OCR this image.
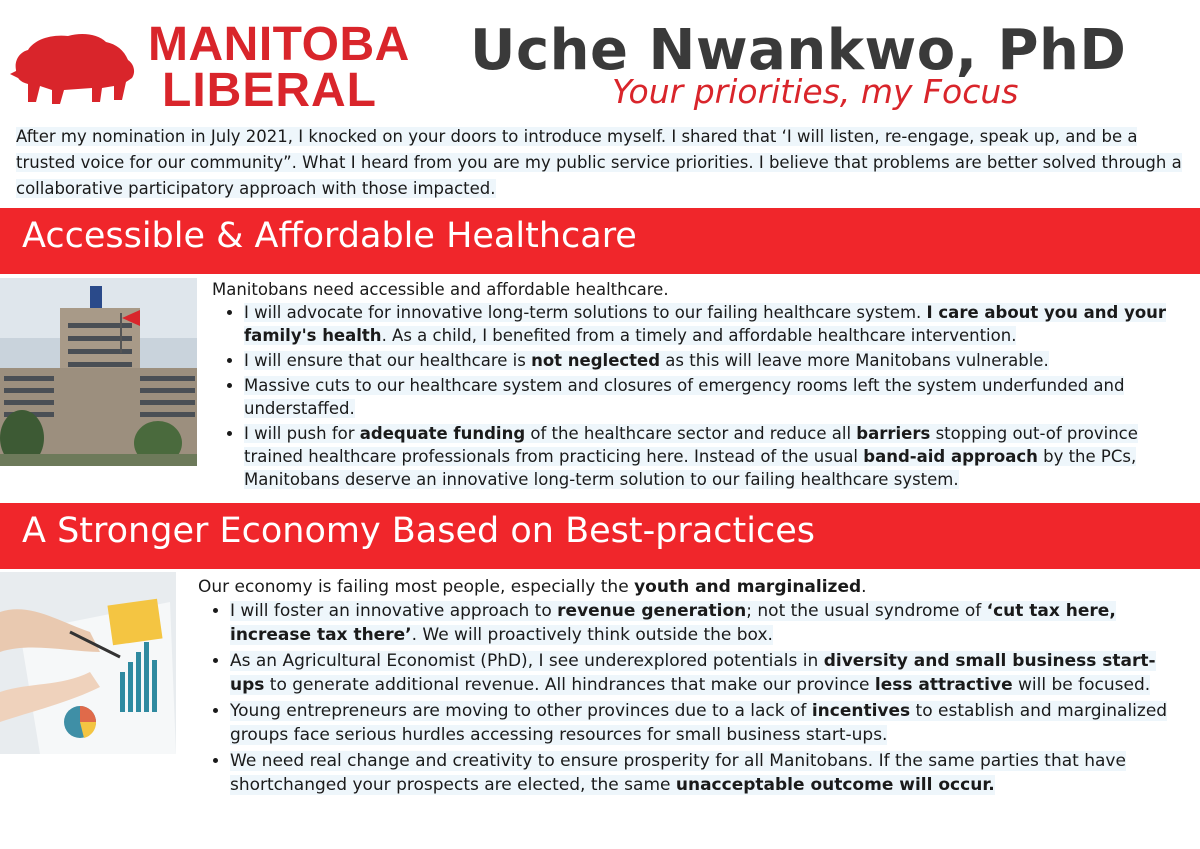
MANITOBA
LIBERAL
Uche Nwankwo, PhD
Your priorities, my Focus
After my nomination in July 2021, I knocked on your doors to introduce myself. I shared that ‘I will listen, re-engage, speak up, and be a trusted voice for our community”. What I heard from you are my public service priorities. I believe that problems are better solved through a collaborative participatory approach with those impacted.
Accessible & Affordable Healthcare

Manitobans need accessible and affordable healthcare.

• I will advocate for innovative long-term solutions to our failing healthcare system. I care about you and your family's health. As a child, I benefited from a timely and affordable healthcare intervention.
• I will ensure that our healthcare is not neglected as this will leave more Manitobans vulnerable.
• Massive cuts to our healthcare system and closures of emergency rooms left the system underfunded and understaffed.
• I will push for adequate funding of the healthcare sector and reduce all barriers stopping out-of province trained healthcare professionals from practicing here. Instead of the usual band-aid approach by the PCs, Manitobans deserve an innovative long-term solution to our failing healthcare system.
A Stronger Economy Based on Best-practices

Our economy is failing most people, especially the youth and marginalized.

• I will foster an innovative approach to revenue generation; not the usual syndrome of ‘cut tax here, increase tax there’. We will proactively think outside the box.
• As an Agricultural Economist (PhD), I see underexplored potentials in diversity and small business start-ups to generate additional revenue. All hindrances that make our province less attractive will be focused.
• Young entrepreneurs are moving to other provinces due to a lack of incentives to establish and marginalized groups face serious hurdles accessing resources for small business start-ups.
• We need real change and creativity to ensure prosperity for all Manitobans. If the same parties that have shortchanged your prospects are elected, the same unacceptable outcome will occur.
